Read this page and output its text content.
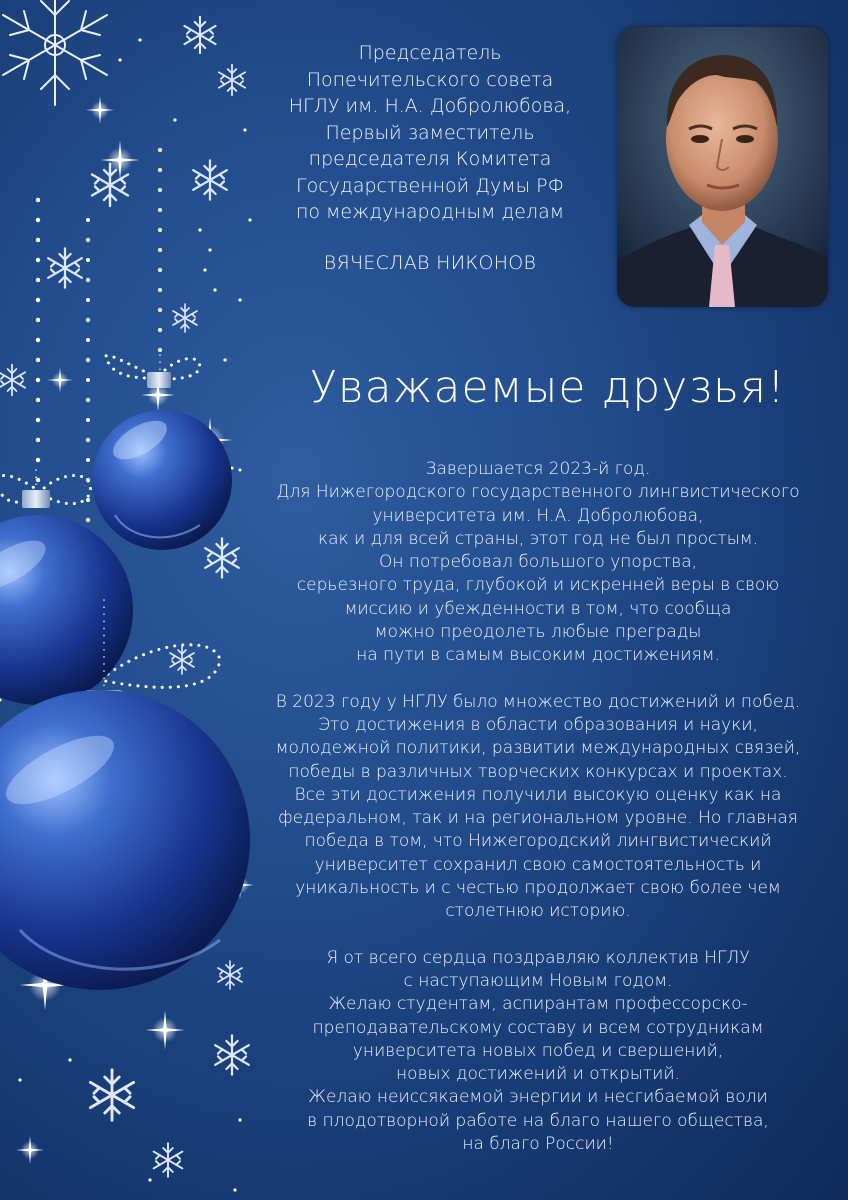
Председатель
Попечительского совета
НГЛУ им. Н.А. Добролюбова,
Первый заместитель
председателя Комитета
Государственной Думы РФ
по международным делам
ВЯЧЕСЛАВ НИКОНОВ
Уважаемые друзья!
Завершается 2023-й год.
Для Нижегородского государственного лингвистического
университета им. Н.А. Добролюбова,
как и для всей страны, этот год не был простым.
Он потребовал большого упорства,
серьезного труда, глубокой и искренней веры в свою
миссию и убежденности в том, что сообща
можно преодолеть любые преграды
на пути в самым высоким достижениям.
В 2023 году у НГЛУ было множество достижений и побед.
Это достижения в области образования и науки,
молодежной политики, развитии международных связей,
победы в различных творческих конкурсах и проектах.
Все эти достижения получили высокую оценку как на
федеральном, так и на региональном уровне. Но главная
победа в том, что Нижегородский лингвистический
университет сохранил свою самостоятельность и
уникальность и с честью продолжает свою более чем
столетнюю историю.
Я от всего сердца поздравляю коллектив НГЛУ
с наступающим Новым годом.
Желаю студентам, аспирантам профессорско-
преподавательскому составу и всем сотрудникам
университета новых побед и свершений,
новых достижений и открытий.
Желаю неиссякаемой энергии и несгибаемой воли
в плодотворной работе на благо нашего общества,
на благо России!
